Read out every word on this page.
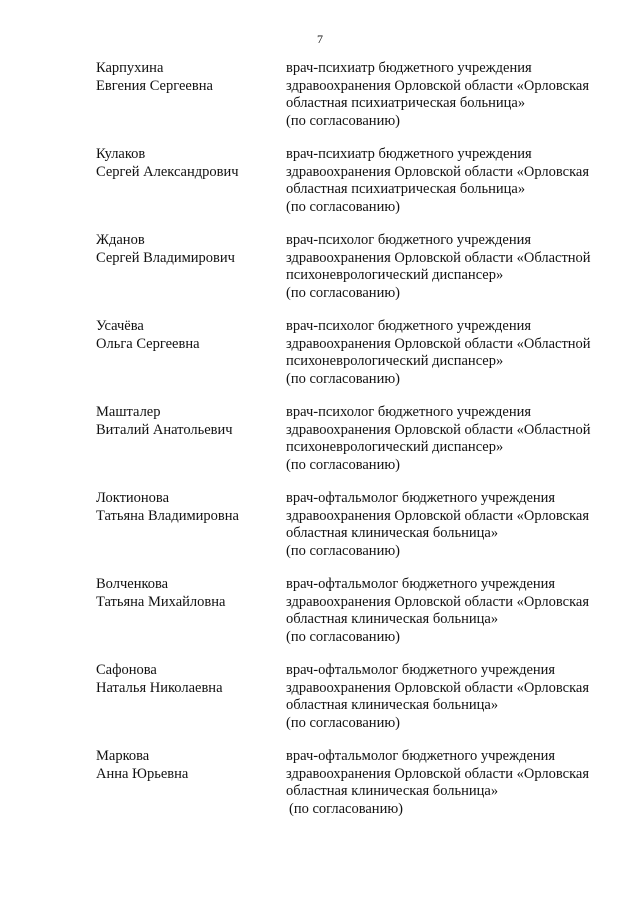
7
Карпухина
Евгения Сергеевна
врач-психиатр бюджетного учреждения
здравоохранения Орловской области «Орловская
областная психиатрическая больница»
(по согласованию)
Кулаков
Сергей Александрович
врач-психиатр бюджетного учреждения
здравоохранения Орловской области «Орловская
областная психиатрическая больница»
(по согласованию)
Жданов
Сергей Владимирович
врач-психолог бюджетного учреждения
здравоохранения Орловской области «Областной
психоневрологический диспансер»
(по согласованию)
Усачёва
Ольга Сергеевна
врач-психолог бюджетного учреждения
здравоохранения Орловской области «Областной
психоневрологический диспансер»
(по согласованию)
Машталер
Виталий Анатольевич
врач-психолог бюджетного учреждения
здравоохранения Орловской области «Областной
психоневрологический диспансер»
(по согласованию)
Локтионова
Татьяна Владимировна
врач-офтальмолог бюджетного учреждения
здравоохранения Орловской области «Орловская
областная клиническая больница»
(по согласованию)
Волченкова
Татьяна Михайловна
врач-офтальмолог бюджетного учреждения
здравоохранения Орловской области «Орловская
областная клиническая больница»
(по согласованию)
Сафонова
Наталья Николаевна
врач-офтальмолог бюджетного учреждения
здравоохранения Орловской области «Орловская
областная клиническая больница»
(по согласованию)
Маркова
Анна Юрьевна
врач-офтальмолог бюджетного учреждения
здравоохранения Орловской области «Орловская
областная клиническая больница»
(по согласованию)
